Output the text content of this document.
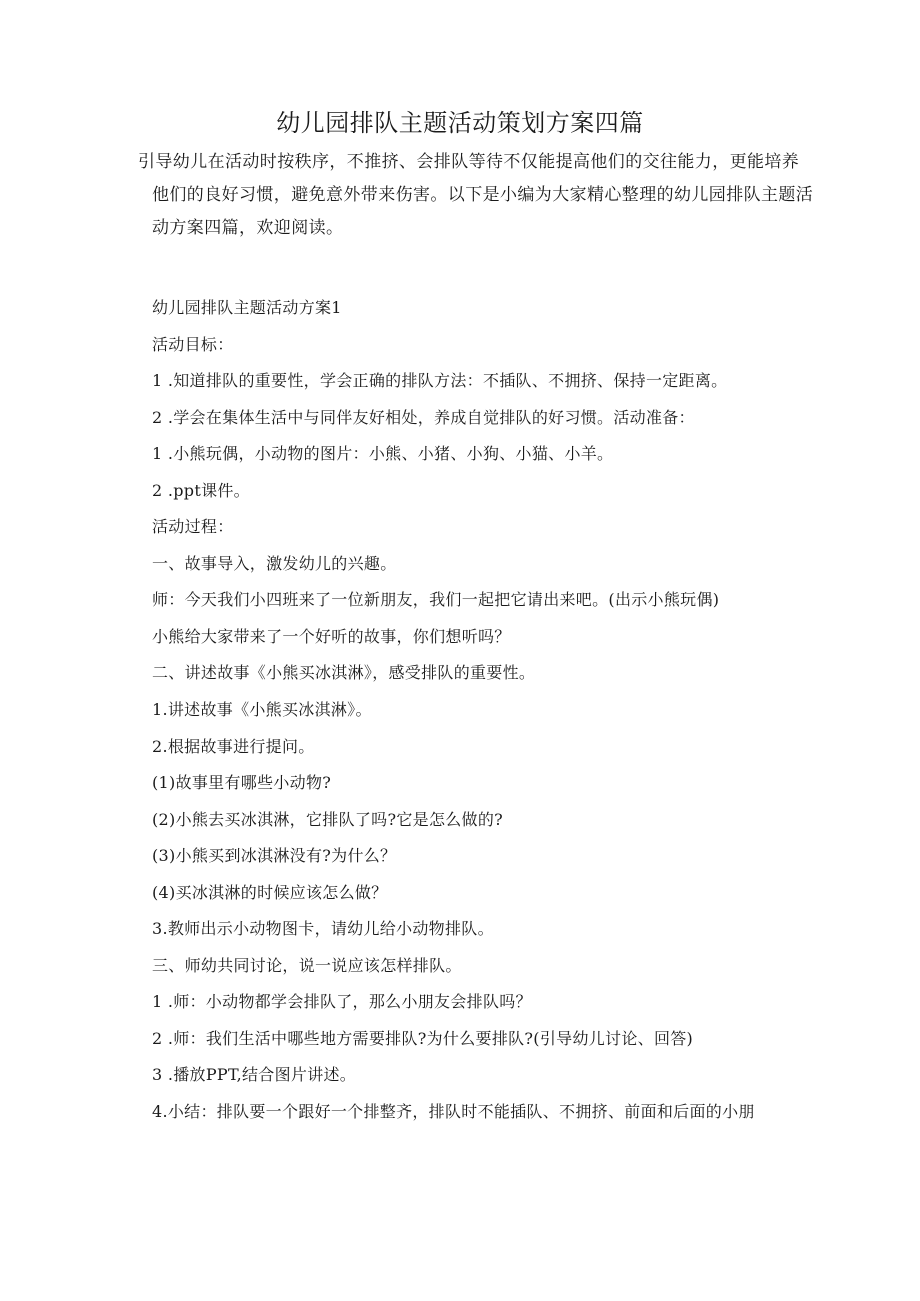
幼儿园排队主题活动策划方案四篇
引导幼儿在活动时按秩序，不推挤、会排队等待不仅能提高他们的交往能力，更能培养
他们的良好习惯，避免意外带来伤害。以下是小编为大家精心整理的幼儿园排队主题活
动方案四篇，欢迎阅读。
幼儿园排队主题活动方案1
活动目标：
1 .知道排队的重要性，学会正确的排队方法：不插队、不拥挤、保持一定距离。
2 .学会在集体生活中与同伴友好相处，养成自觉排队的好习惯。活动准备：
1 .小熊玩偶，小动物的图片：小熊、小猪、小狗、小猫、小羊。
2 .ppt课件。
活动过程：
一、故事导入，激发幼儿的兴趣。
师：今天我们小四班来了一位新朋友，我们一起把它请出来吧。(出示小熊玩偶)
小熊给大家带来了一个好听的故事，你们想听吗？
二、讲述故事《小熊买冰淇淋》，感受排队的重要性。
1.讲述故事《小熊买冰淇淋》。
2.根据故事进行提问。
(1)故事里有哪些小动物?
(2)小熊去买冰淇淋，它排队了吗?它是怎么做的?
(3)小熊买到冰淇淋没有?为什么？
(4)买冰淇淋的时候应该怎么做？
3.教师出示小动物图卡，请幼儿给小动物排队。
三、师幼共同讨论，说一说应该怎样排队。
1 .师：小动物都学会排队了，那么小朋友会排队吗？
2 .师：我们生活中哪些地方需要排队?为什么要排队?(引导幼儿讨论、回答)
3 .播放PPT,结合图片讲述。
4.小结：排队要一个跟好一个排整齐，排队时不能插队、不拥挤、前面和后面的小朋
